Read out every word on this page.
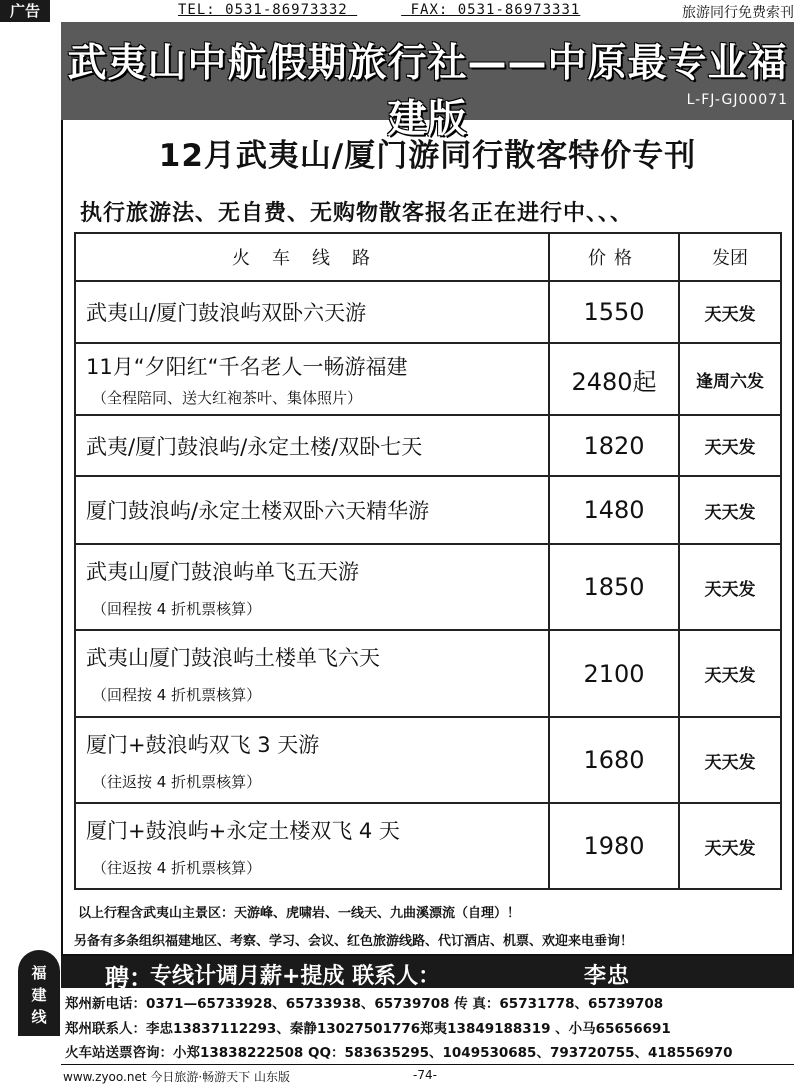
广告	TEL: 0531-86973332	FAX: 0531-86973331	旅游同行免费索刊
武夷山中航假期旅行社——中原最专业福建版	L-FJ-GJ00071
12月武夷山/厦门游同行散客特价专刊
执行旅游法、无自费、无购物散客报名正在进行中、、、
火车线路	价格	发团

武夷山/厦门鼓浪屿双卧六天游	1550	天天发

11月“夕阳红“千名老人一畅游福建
（全程陪同、送大红袍茶叶、集体照片）	2480起	逢周六发

武夷/厦门鼓浪屿/永定土楼/双卧七天	1820	天天发

厦门鼓浪屿/永定土楼双卧六天精华游	1480	天天发

武夷山厦门鼓浪屿单飞五天游
（回程按 4 折机票核算）	1850	天天发

武夷山厦门鼓浪屿土楼单飞六天
（回程按 4 折机票核算）	2100	天天发

厦门+鼓浪屿双飞 3 天游
（往返按 4 折机票核算）	1680	天天发

厦门+鼓浪屿+永定土楼双飞 4 天
（往返按 4 折机票核算）	1980	天天发
以上行程含武夷山主景区：天游峰、虎啸岩、一线天、九曲溪漂流（自理）！
另备有多条组织福建地区、考察、学习、会议、红色旅游线路、代订酒店、机票、欢迎来电垂询！
福
建
线
聘：
专线计调月薪+提成 联系人：	李忠13837112293
郑州新电话：0371—65733928、65733938、65739708 传 真：65731778、65739708
郑州联系人：李忠13837112293、秦静13027501776郑夷13849188319 、小马65656691
火车站送票咨询：小郑13838222508 QQ：583635295、1049530685、793720755、418556970
www.zyoo.net 今日旅游·畅游天下 山东版	-74-
